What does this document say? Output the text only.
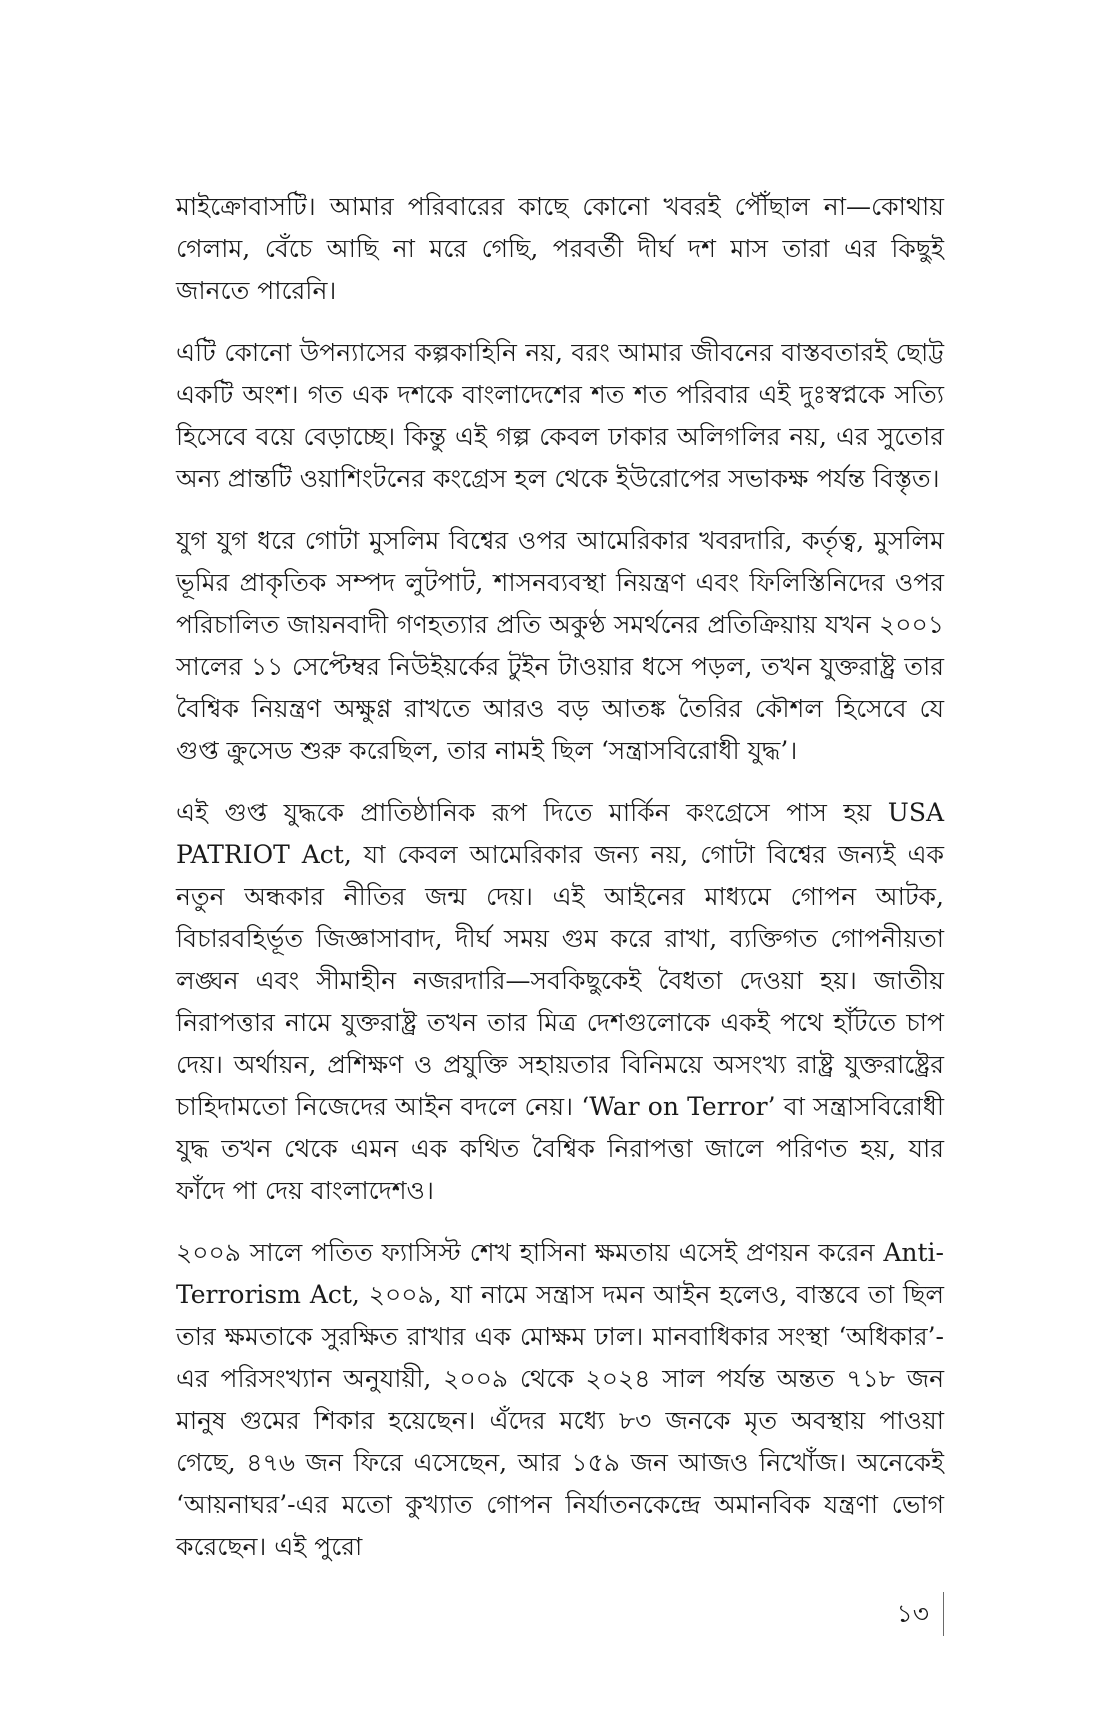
মাইক্রোবাসটি। আমার পরিবারের কাছে কোনো খবরই পৌঁছাল না—কোথায় গেলাম, বেঁচে আছি না মরে গেছি, পরবর্তী দীর্ঘ দশ মাস তারা এর কিছুই জানতে পারেনি।

এটি কোনো উপন্যাসের কল্পকাহিনি নয়, বরং আমার জীবনের বাস্তবতারই ছোট্ট একটি অংশ। গত এক দশকে বাংলাদেশের শত শত পরিবার এই দুঃস্বপ্নকে সত্যি হিসেবে বয়ে বেড়াচ্ছে। কিন্তু এই গল্প কেবল ঢাকার অলিগলির নয়, এর সুতোর অন্য প্রান্তটি ওয়াশিংটনের কংগ্রেস হল থেকে ইউরোপের সভাকক্ষ পর্যন্ত বিস্তৃত।

যুগ যুগ ধরে গোটা মুসলিম বিশ্বের ওপর আমেরিকার খবরদারি, কর্তৃত্ব, মুসলিম ভূমির প্রাকৃতিক সম্পদ লুটপাট, শাসনব্যবস্থা নিয়ন্ত্রণ এবং ফিলিস্তিনিদের ওপর পরিচালিত জায়নবাদী গণহত্যার প্রতি অকুণ্ঠ সমর্থনের প্রতিক্রিয়ায় যখন ২০০১ সালের ১১ সেপ্টেম্বর নিউইয়র্কের টুইন টাওয়ার ধসে পড়ল, তখন যুক্তরাষ্ট্র তার বৈশ্বিক নিয়ন্ত্রণ অক্ষুণ্ণ রাখতে আরও বড় আতঙ্ক তৈরির কৌশল হিসেবে যে গুপ্ত ক্রুসেড শুরু করেছিল, তার নামই ছিল ‘সন্ত্রাসবিরোধী যুদ্ধ’।

এই গুপ্ত যুদ্ধকে প্রাতিষ্ঠানিক রূপ দিতে মার্কিন কংগ্রেসে পাস হয় USA PATRIOT Act, যা কেবল আমেরিকার জন্য নয়, গোটা বিশ্বের জন্যই এক নতুন অন্ধকার নীতির জন্ম দেয়। এই আইনের মাধ্যমে গোপন আটক, বিচারবহির্ভূত জিজ্ঞাসাবাদ, দীর্ঘ সময় গুম করে রাখা, ব্যক্তিগত গোপনীয়তা লঙ্ঘন এবং সীমাহীন নজরদারি—সবকিছুকেই বৈধতা দেওয়া হয়। জাতীয় নিরাপত্তার নামে যুক্তরাষ্ট্র তখন তার মিত্র দেশগুলোকে একই পথে হাঁটতে চাপ দেয়। অর্থায়ন, প্রশিক্ষণ ও প্রযুক্তি সহায়তার বিনিময়ে অসংখ্য রাষ্ট্র যুক্তরাষ্ট্রের চাহিদামতো নিজেদের আইন বদলে নেয়। ‘War on Terror’ বা সন্ত্রাসবিরোধী যুদ্ধ তখন থেকে এমন এক কথিত বৈশ্বিক নিরাপত্তা জালে পরিণত হয়, যার ফাঁদে পা দেয় বাংলাদেশও।

২০০৯ সালে পতিত ফ্যাসিস্ট শেখ হাসিনা ক্ষমতায় এসেই প্রণয়ন করেন Anti-Terrorism Act, ২০০৯, যা নামে সন্ত্রাস দমন আইন হলেও, বাস্তবে তা ছিল তার ক্ষমতাকে সুরক্ষিত রাখার এক মোক্ষম ঢাল। মানবাধিকার সংস্থা ‘অধিকার’-এর পরিসংখ্যান অনুযায়ী, ২০০৯ থেকে ২০২৪ সাল পর্যন্ত অন্তত ৭১৮ জন মানুষ গুমের শিকার হয়েছেন। এঁদের মধ্যে ৮৩ জনকে মৃত অবস্থায় পাওয়া গেছে, ৪৭৬ জন ফিরে এসেছেন, আর ১৫৯ জন আজও নিখোঁজ। অনেকেই ‘আয়নাঘর’-এর মতো কুখ্যাত গোপন নির্যাতনকেন্দ্রে অমানবিক যন্ত্রণা ভোগ করেছেন। এই পুরো

১৩
